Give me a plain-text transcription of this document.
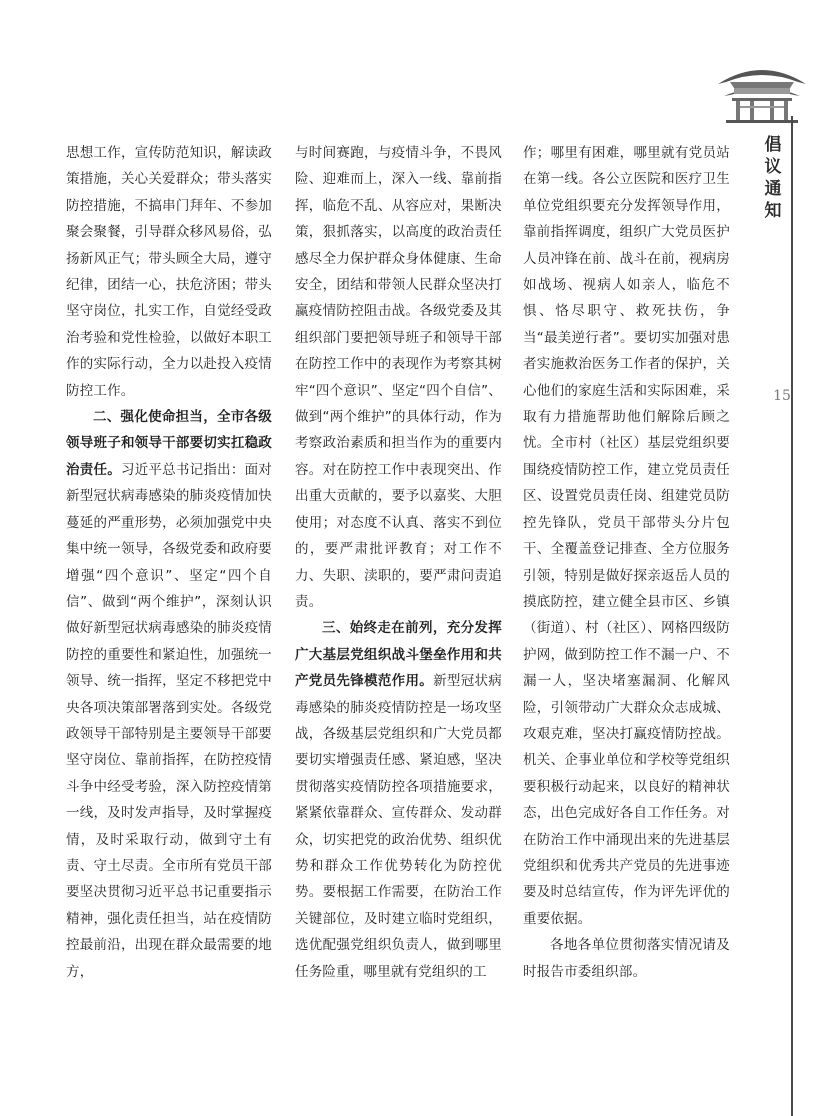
倡
议
通
知
15

思想工作，宣传防范知识，解读政策措施，关心关爱群众；带头落实防控措施，不搞串门拜年、不参加聚会聚餐，引导群众移风易俗，弘扬新风正气；带头顾全大局，遵守纪律，团结一心，扶危济困；带头坚守岗位，扎实工作，自觉经受政治考验和党性检验，以做好本职工作的实际行动，全力以赴投入疫情防控工作。

二、强化使命担当，全市各级领导班子和领导干部要切实扛稳政治责任。习近平总书记指出：面对新型冠状病毒感染的肺炎疫情加快蔓延的严重形势，必须加强党中央集中统一领导，各级党委和政府要增强“四个意识”、坚定“四个自信”、做到“两个维护”，深刻认识做好新型冠状病毒感染的肺炎疫情防控的重要性和紧迫性，加强统一领导、统一指挥，坚定不移把党中央各项决策部署落到实处。各级党政领导干部特别是主要领导干部要坚守岗位、靠前指挥，在防控疫情斗争中经受考验，深入防控疫情第一线，及时发声指导，及时掌握疫情，及时采取行动，做到守土有责、守土尽责。全市所有党员干部要坚决贯彻习近平总书记重要指示精神，强化责任担当，站在疫情防控最前沿，出现在群众最需要的地方，

与时间赛跑，与疫情斗争，不畏风险、迎难而上，深入一线、靠前指挥，临危不乱、从容应对，果断决策，狠抓落实，以高度的政治责任感尽全力保护群众身体健康、生命安全，团结和带领人民群众坚决打赢疫情防控阻击战。各级党委及其组织部门要把领导班子和领导干部在防控工作中的表现作为考察其树牢“四个意识”、坚定“四个自信”、做到“两个维护”的具体行动，作为考察政治素质和担当作为的重要内容。对在防控工作中表现突出、作出重大贡献的，要予以嘉奖、大胆使用；对态度不认真、落实不到位的，要严肃批评教育；对工作不力、失职、渎职的，要严肃问责追责。

三、始终走在前列，充分发挥广大基层党组织战斗堡垒作用和共产党员先锋模范作用。新型冠状病毒感染的肺炎疫情防控是一场攻坚战，各级基层党组织和广大党员都要切实增强责任感、紧迫感，坚决贯彻落实疫情防控各项措施要求，紧紧依靠群众、宣传群众、发动群众，切实把党的政治优势、组织优势和群众工作优势转化为防控优势。要根据工作需要，在防治工作关键部位，及时建立临时党组织，选优配强党组织负责人，做到哪里任务险重，哪里就有党组织的工

作；哪里有困难，哪里就有党员站在第一线。各公立医院和医疗卫生单位党组织要充分发挥领导作用，靠前指挥调度，组织广大党员医护人员冲锋在前、战斗在前，视病房如战场、视病人如亲人，临危不惧、恪尽职守、救死扶伤，争当“最美逆行者”。要切实加强对患者实施救治医务工作者的保护，关心他们的家庭生活和实际困难，采取有力措施帮助他们解除后顾之忧。全市村（社区）基层党组织要围绕疫情防控工作，建立党员责任区、设置党员责任岗、组建党员防控先锋队，党员干部带头分片包干、全覆盖登记排查、全方位服务引领，特别是做好探亲返岳人员的摸底防控，建立健全县市区、乡镇（街道）、村（社区）、网格四级防护网，做到防控工作不漏一户、不漏一人，坚决堵塞漏洞、化解风险，引领带动广大群众众志成城、攻艰克难，坚决打赢疫情防控战。机关、企事业单位和学校等党组织要积极行动起来，以良好的精神状态，出色完成好各自工作任务。对在防治工作中涌现出来的先进基层党组织和优秀共产党员的先进事迹要及时总结宣传，作为评先评优的重要依据。

各地各单位贯彻落实情况请及时报告市委组织部。
